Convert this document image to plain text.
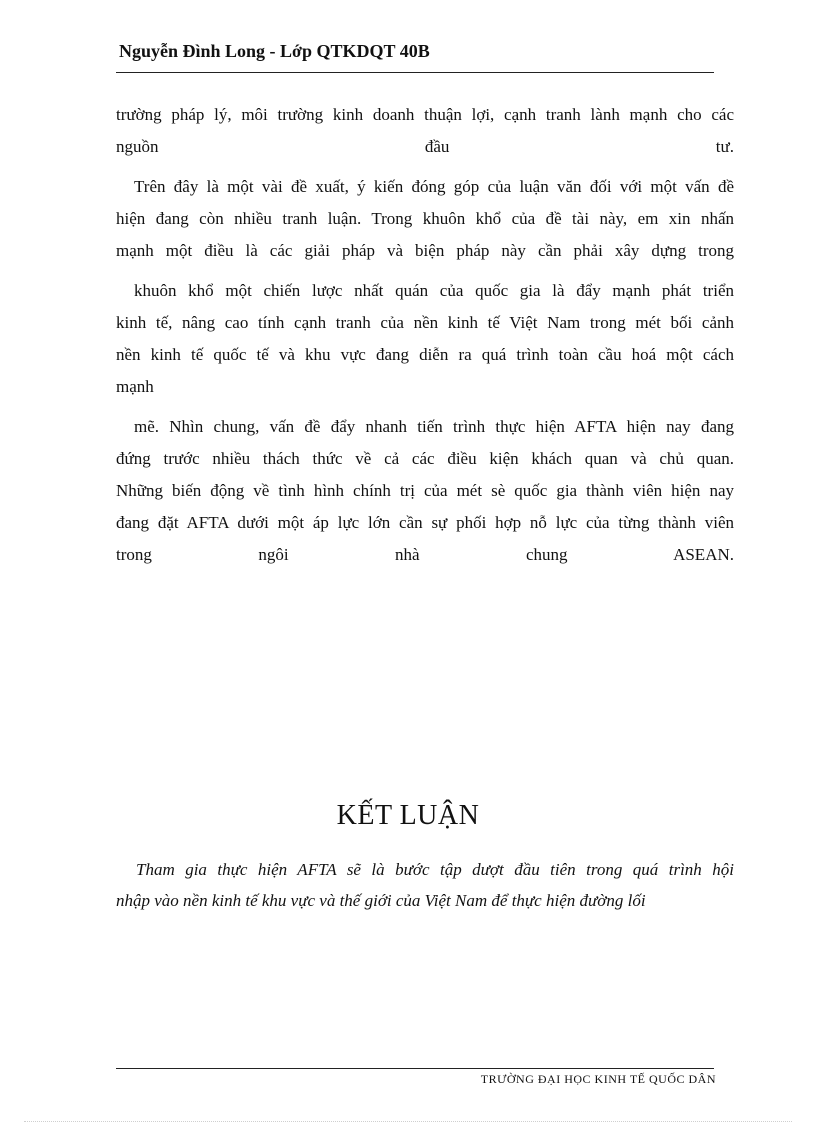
Nguyễn Đình Long - Lớp QTKDQT 40B
trường pháp lý, môi trường kinh doanh thuận lợi, cạnh tranh lành mạnh cho các
nguồn đầu tư.
Trên đây là một vài đề xuất, ý kiến đóng góp của luận văn đối với một vấn đề
hiện đang còn nhiều tranh luận. Trong khuôn khổ của đề tài này, em xin nhấn
mạnh một điều là các giải pháp và biện pháp này cần phải xây dựng trong
khuôn khổ một chiến lược nhất quán của quốc gia là đẩy mạnh phát triển
kinh tế, nâng cao tính cạnh tranh của nền kinh tế Việt Nam trong mét bối cảnh
nền kinh tế quốc tế và khu vực đang diễn ra quá trình toàn cầu hoá một cách
mạnh
mẽ. Nhìn chung, vấn đề đẩy nhanh tiến trình thực hiện AFTA hiện nay đang
đứng trước nhiều thách thức về cả các điều kiện khách quan và chủ quan.
Những biến động về tình hình chính trị của mét sè quốc gia thành viên hiện nay
đang đặt AFTA dưới một áp lực lớn cần sự phối hợp nỗ lực của từng thành viên
trong ngôi nhà chung ASEAN.
KẾT LUẬN
Tham gia thực hiện AFTA sẽ là bước tập dượt đầu tiên trong quá trình hội
nhập vào nền kinh tế khu vực và thế giới của Việt Nam để thực hiện đường lối
TRƯỜNG ĐẠI HỌC KINH TẾ QUỐC DÂN
